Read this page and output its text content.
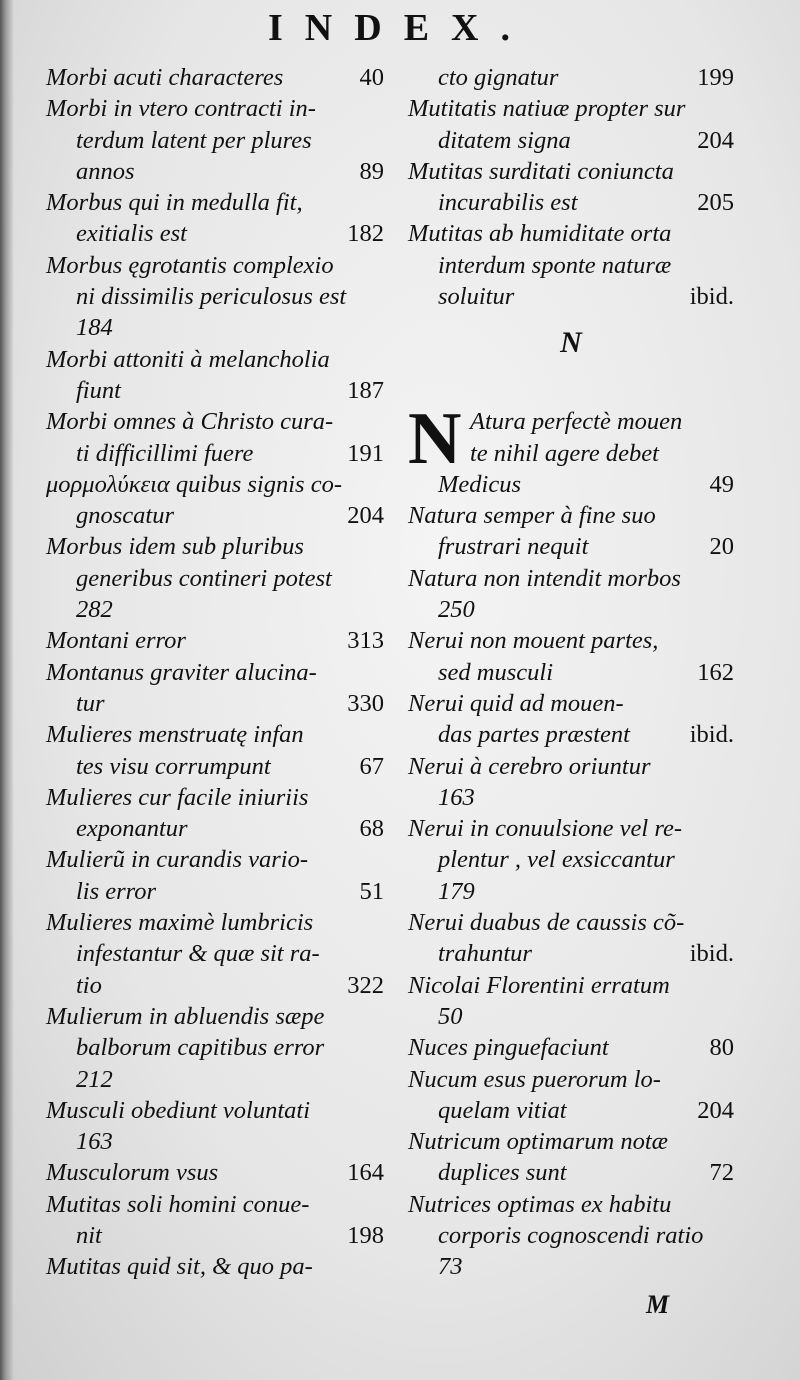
INDEX.
Morbi acuti characteres	40
Morbi in vtero contracti in-
terdum latent per plures
annos	89
Morbus qui in medulla fit,
exitialis est	182
Morbus ęgrotantis complexio
ni dissimilis periculosus est
184
Morbi attoniti à melancholia
fiunt	187
Morbi omnes à Christo cura-
ti difficillimi fuere	191
μορμολύκεια quibus signis co-
gnoscatur	204
Morbus idem sub pluribus
generibus contineri potest
282
Montani error	313
Montanus graviter alucina-
tur	330
Mulieres menstruatę infan
tes visu corrumpunt	67
Mulieres cur facile iniuriis
exponantur	68
Mulierũ in curandis vario-
lis error	51
Mulieres maximè lumbricis
infestantur & quæ sit ra-
tio	322
Mulierum in abluendis sæpe
balborum capitibus error
212
Musculi obediunt voluntati
163
Musculorum vsus	164
Mutitas soli homini conue-
nit	198
Mutitas quid sit, & quo pa-
cto gignatur	199
Mutitatis natiuæ propter sur
ditatem signa	204
Mutitas surditati coniuncta
incurabilis est	205
Mutitas ab humiditate orta
interdum sponte naturæ
soluitur	ibid.
N
N Atura perfectè mouen
te nihil agere debet
Medicus	49
Natura semper à fine suo
frustrari nequit	20
Natura non intendit morbos
250
Nerui non mouent partes,
sed musculi	162
Nerui quid ad mouen-
das partes præstent ibid.
Nerui à cerebro oriuntur
163
Nerui in conuulsione vel re-
plentur , vel exsiccantur
179
Nerui duabus de caussis cõ-
trahuntur	ibid.
Nicolai Florentini erratum
50
Nuces pinguefaciunt	80
Nucum esus puerorum lo-
quelam vitiat	204
Nutricum optimarum notæ
duplices sunt	72
Nutrices optimas ex habitu
corporis cognoscendi ratio
73
M
